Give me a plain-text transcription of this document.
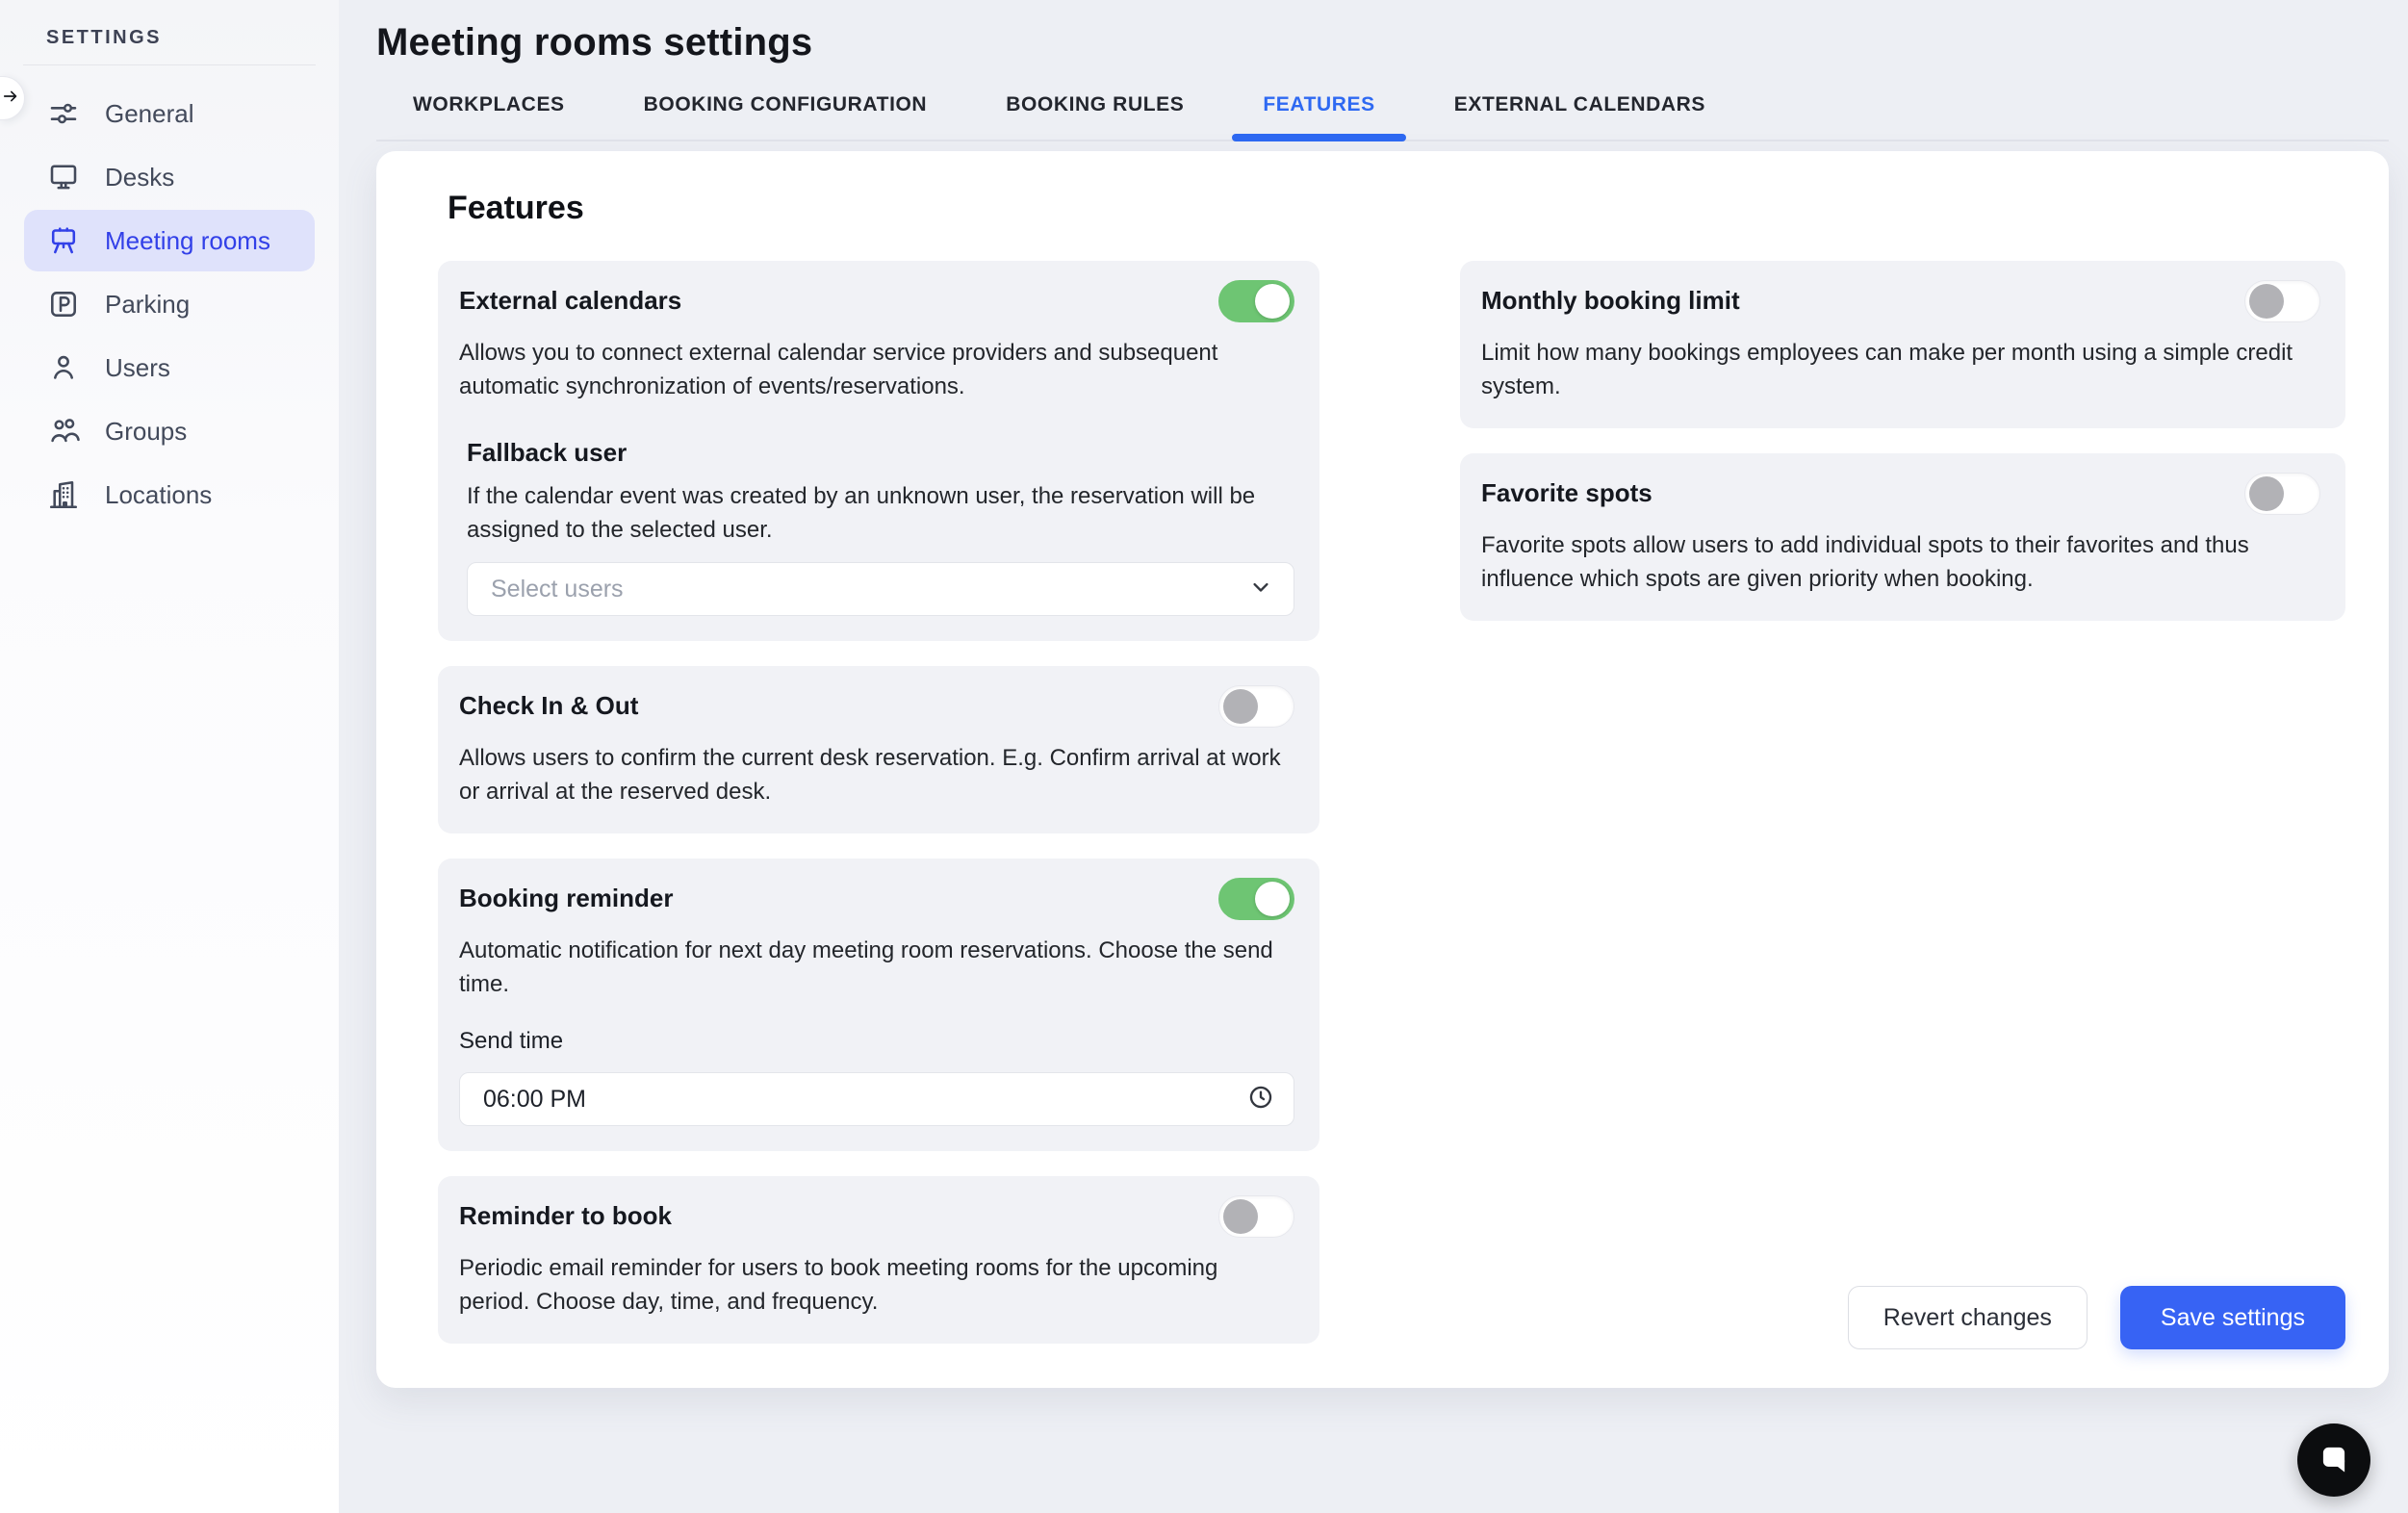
SETTINGS
General
Desks
Meeting rooms
Parking
Users
Groups
Locations
Meeting rooms settings
WORKPLACES	BOOKING CONFIGURATION	BOOKING RULES	FEATURES	EXTERNAL CALENDARS
Features
External calendars
Allows you to connect external calendar service providers and subsequent automatic synchronization of events/reservations.
Fallback user
If the calendar event was created by an unknown user, the reservation will be assigned to the selected user.
Select users
Check In & Out
Allows users to confirm the current desk reservation. E.g. Confirm arrival at work or arrival at the reserved desk.
Booking reminder
Automatic notification for next day meeting room reservations. Choose the send time.
Send time
06:00 PM
Reminder to book
Periodic email reminder for users to book meeting rooms for the upcoming period. Choose day, time, and frequency.
Monthly booking limit
Limit how many bookings employees can make per month using a simple credit system.
Favorite spots
Favorite spots allow users to add individual spots to their favorites and thus influence which spots are given priority when booking.
Revert changes	Save settings
